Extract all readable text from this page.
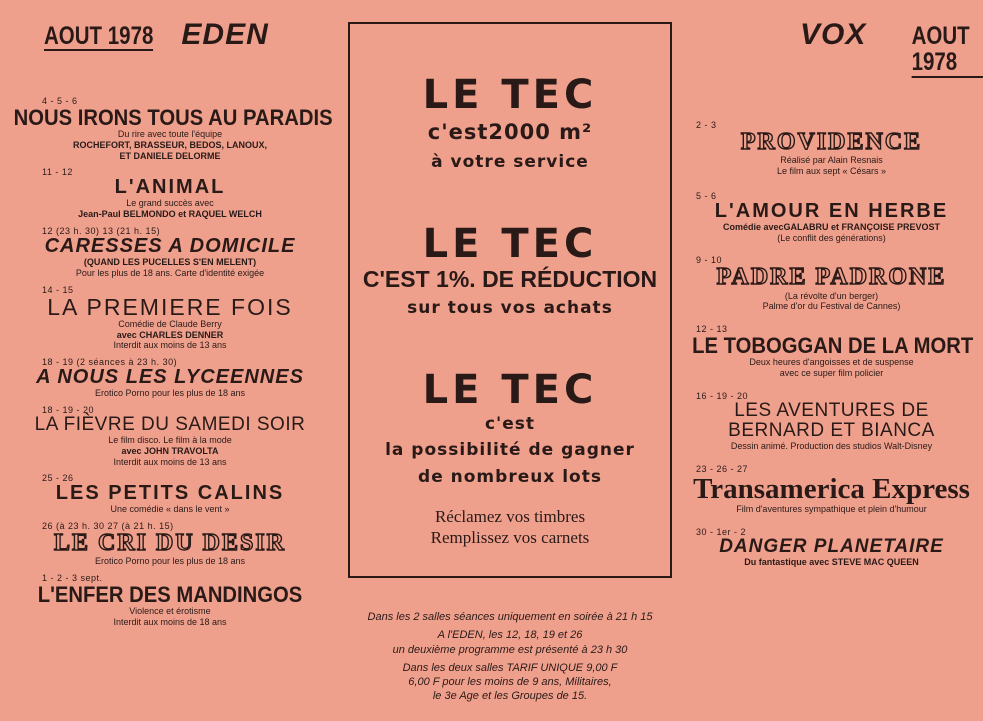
AOUT 1978 EDEN
4 - 5 - 6
NOUS IRONS TOUS AU PARADIS
Du rire avec toute l'équipe
ROCHEFORT, BRASSEUR, BEDOS, LANOUX,
ET DANIELE DELORME
11 - 12
L'ANIMAL
Le grand succès avec
Jean-Paul BELMONDO et RAQUEL WELCH
12 (23 h. 30) 13 (21 h. 15)
CARESSES A DOMICILE
(QUAND LES PUCELLES S'EN MELENT)
Pour les plus de 18 ans. Carte d'identité exigée
14 - 15
LA PREMIERE FOIS
Comédie de Claude Berry
avec CHARLES DENNER
Interdit aux moins de 13 ans
18 - 19 (2 séances à 23 h. 30)
A NOUS LES LYCEENNES
Erotico Porno pour les plus de 18 ans
18 - 19 - 20
LA FIÈVRE DU SAMEDI SOIR
Le film disco. Le film à la mode
avec JOHN TRAVOLTA
Interdit aux moins de 13 ans
25 - 26
LES PETITS CALINS
Une comédie « dans le vent »
26 (à 23 h. 30 27 (à 21 h. 15)
LE CRI DU DESIR
Erotico Porno pour les plus de 18 ans
1 - 2 - 3 sept.
L'ENFER DES MANDINGOS
Violence et érotisme
Interdit aux moins de 18 ans
LE TEC
c'est2000 m²
à votre service
LE TEC
C'EST 1%. DE RÉDUCTION
sur tous vos achats
LE TEC
c'est
la possibilité de gagner
de nombreux lots
Réclamez vos timbres
Remplissez vos carnets
Dans les 2 salles séances uniquement en soirée à 21 h 15
A l'EDEN, les 12, 18, 19 et 26
un deuxième programme est présenté à 23 h 30
Dans les deux salles TARIF UNIQUE 9,00 F
6,00 F pour les moins de 9 ans, Militaires,
le 3e Age et les Groupes de 15.
VOX AOUT 1978
2 - 3
PROVIDENCE
Réalisé par Alain Resnais
Le film aux sept « Césars »
5 - 6
L'AMOUR EN HERBE
Comédie avecGALABRU et FRANÇOISE PREVOST
(Le conflit des générations)
9 - 10
PADRE PADRONE
(La révolte d'un berger)
Palme d'or du Festival de Cannes)
12 - 13
LE TOBOGGAN DE LA MORT
Deux heures d'angoisses et de suspense
avec ce super film policier
16 - 19 - 20
LES AVENTURES DE BERNARD ET BIANCA
Dessin animé. Production des studios Walt-Disney
23 - 26 - 27
Transamerica Express
Film d'aventures sympathique et plein d'humour
30 - 1er - 2
DANGER PLANETAIRE
Du fantastique avec STEVE MAC QUEEN
